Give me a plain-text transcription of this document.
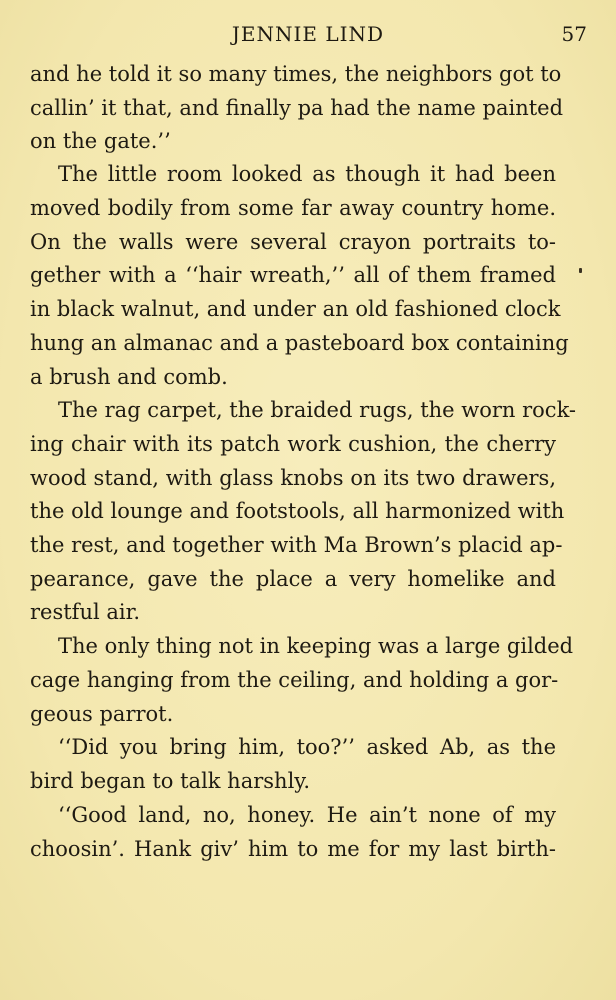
JENNIE LIND	57
and he told it so many times, the neighbors got to
callin’ it that, and finally pa had the name painted
on the gate.’’
The little room looked as though it had been
moved bodily from some far away country home.
On the walls were several crayon portraits to-
gether with a ‘‘hair wreath,’’ all of them framed
in black walnut, and under an old fashioned clock
hung an almanac and a pasteboard box containing
a brush and comb.
The rag carpet, the braided rugs, the worn rock-
ing chair with its patch work cushion, the cherry
wood stand, with glass knobs on its two drawers,
the old lounge and footstools, all harmonized with
the rest, and together with Ma Brown’s placid ap-
pearance, gave the place a very homelike and
restful air.
The only thing not in keeping was a large gilded
cage hanging from the ceiling, and holding a gor-
geous parrot.
‘‘Did you bring him, too?’’ asked Ab, as the
bird began to talk harshly.
‘‘Good land, no, honey. He ain’t none of my
choosin’. Hank giv’ him to me for my last birth-
